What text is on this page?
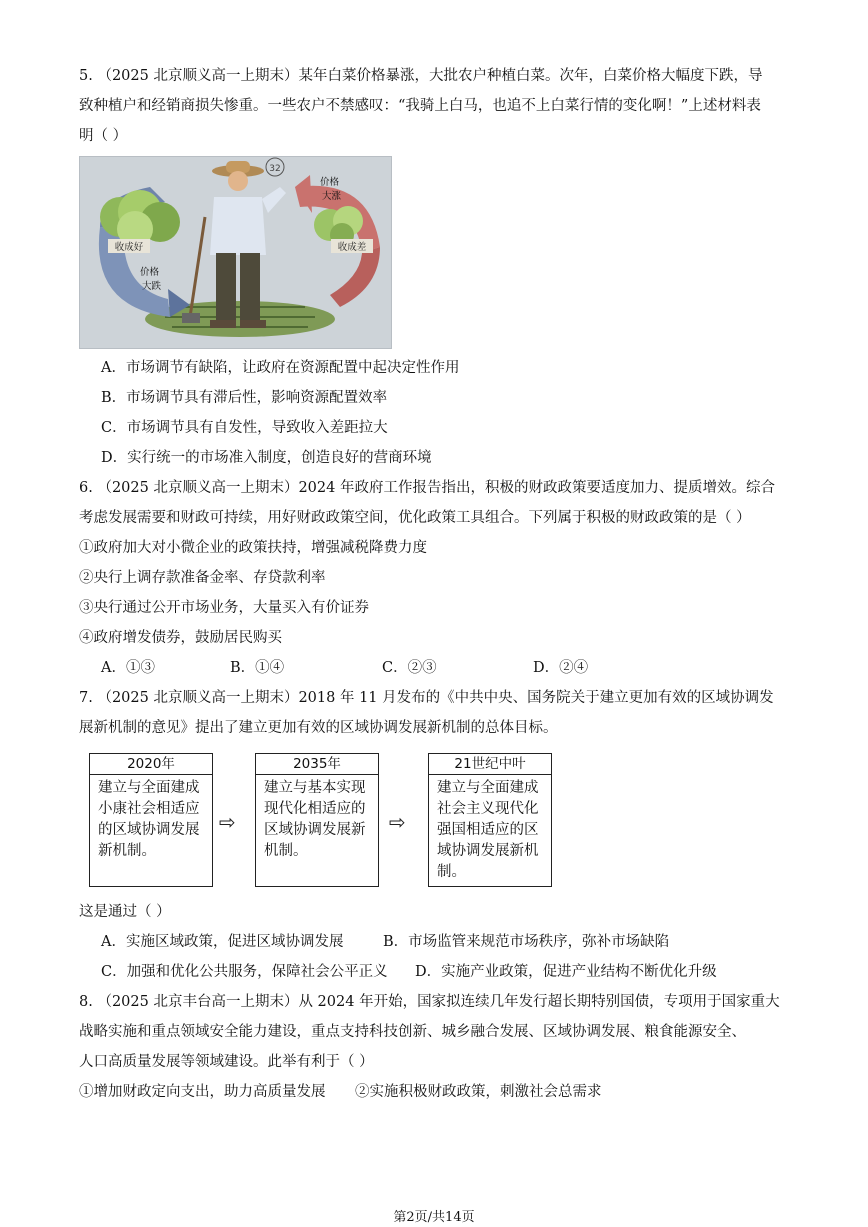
5. （2025 北京顺义高一上期末）某年白菜价格暴涨，大批农户种植白菜。次年，白菜价格大幅度下跌，导
致种植户和经销商损失惨重。一些农户不禁感叹：“我骑上白马，也追不上白菜行情的变化啊！”上述材料表
明（ ）
32
收成好	收成差
价格
大跌
价格
大涨
A．市场调节有缺陷，让政府在资源配置中起决定性作用
B．市场调节具有滞后性，影响资源配置效率
C．市场调节具有自发性，导致收入差距拉大
D．实行统一的市场准入制度，创造良好的营商环境
6. （2025 北京顺义高一上期末）2024 年政府工作报告指出，积极的财政政策要适度加力、提质增效。综合
考虑发展需要和财政可持续，用好财政政策空间，优化政策工具组合。下列属于积极的财政政策的是（ ）
①政府加大对小微企业的政策扶持，增强减税降费力度
②央行上调存款准备金率、存贷款利率
③央行通过公开市场业务，大量买入有价证券
④政府增发债券，鼓励居民购买
A．①③	B．①④	C．②③	D．②④
7. （2025 北京顺义高一上期末）2018 年 11 月发布的《中共中央、国务院关于建立更加有效的区域协调发
展新机制的意见》提出了建立更加有效的区域协调发展新机制的总体目标。
2020年
建立与全面建成
小康社会相适应
的区域协调发展
新机制。
⇨
2035年
建立与基本实现
现代化相适应的
区域协调发展新
机制。
⇨
21世纪中叶
建立与全面建成
社会主义现代化
强国相适应的区
域协调发展新机
制。
这是通过（ ）
A．实施区域政策，促进区域协调发展	B．市场监管来规范市场秩序，弥补市场缺陷
C．加强和优化公共服务，保障社会公平正义 D．实施产业政策，促进产业结构不断优化升级
8. （2025 北京丰台高一上期末）从 2024 年开始，国家拟连续几年发行超长期特别国债，专项用于国家重大
战略实施和重点领域安全能力建设，重点支持科技创新、城乡融合发展、区域协调发展、粮食能源安全、
人口高质量发展等领域建设。此举有利于（ ）
①增加财政定向支出，助力高质量发展 ②实施积极财政政策，刺激社会总需求
第2页/共14页
